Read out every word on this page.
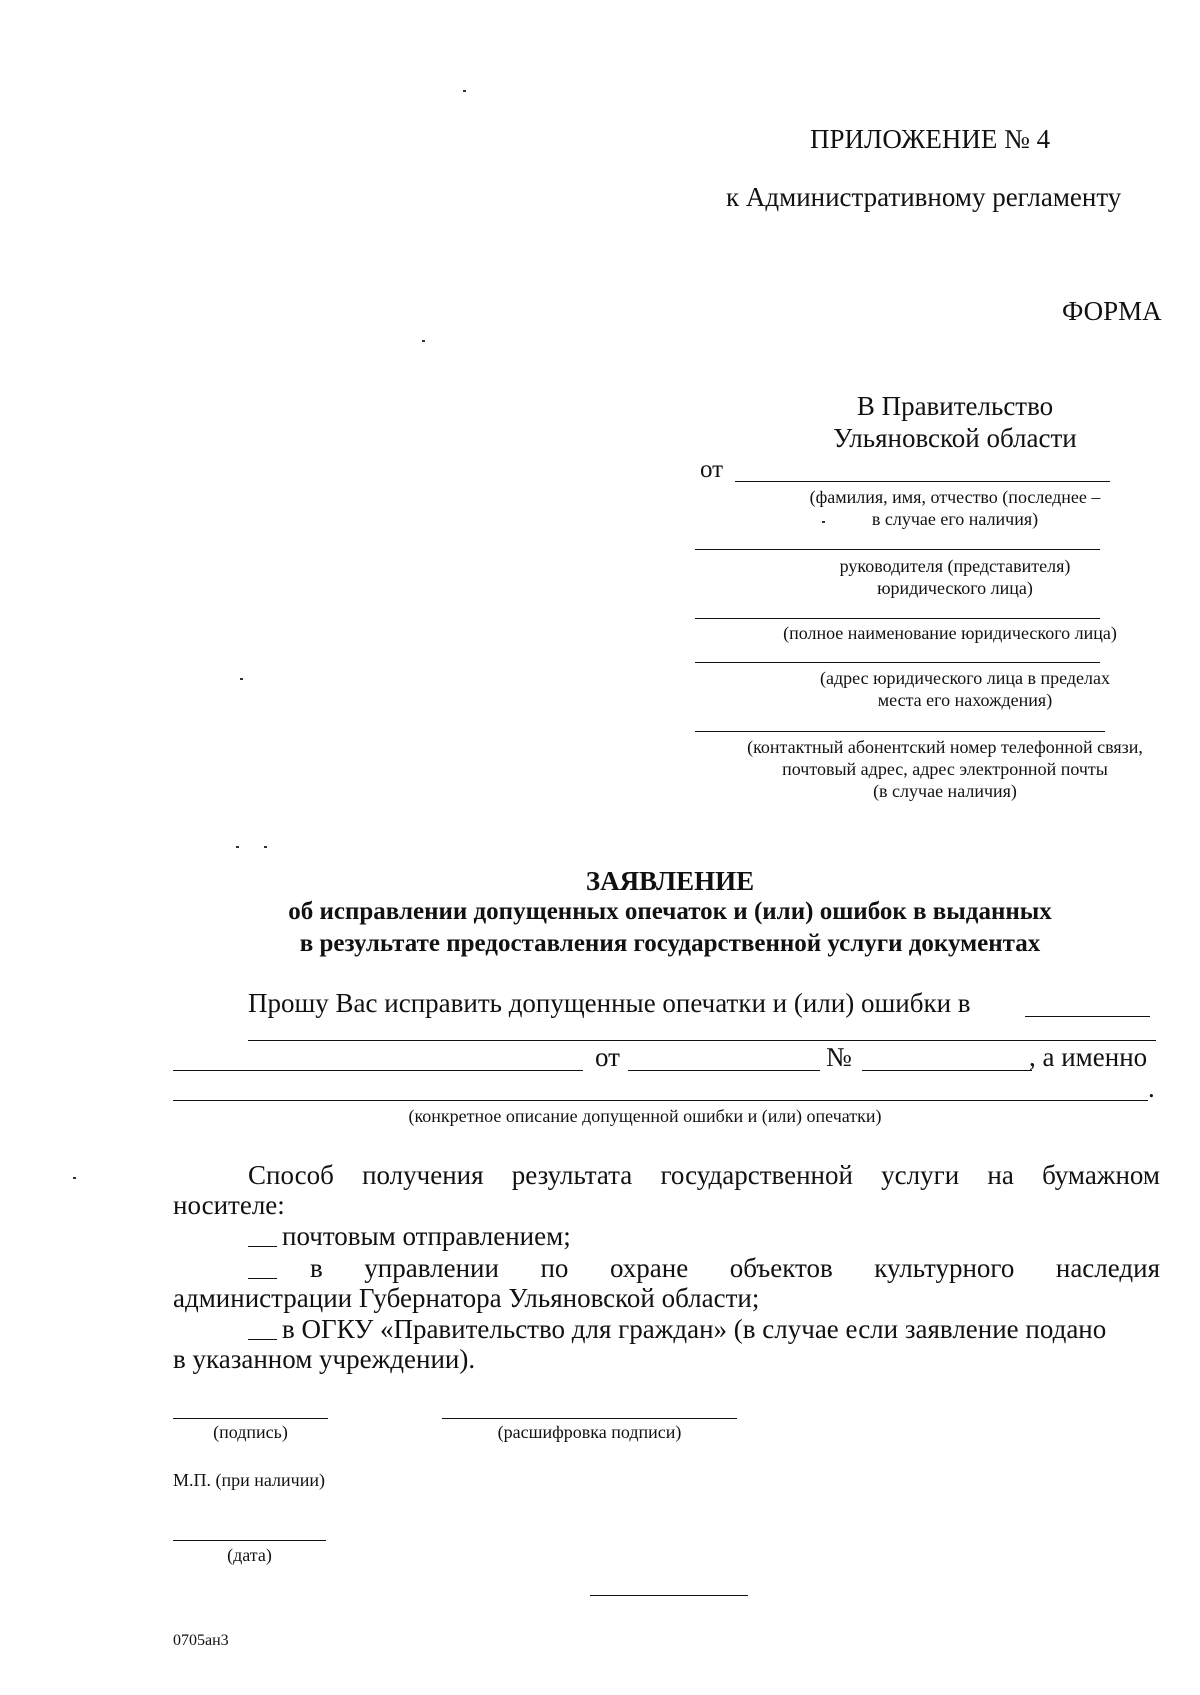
ПРИЛОЖЕНИЕ № 4
к Административному регламенту
ФОРМА
В Правительство
Ульяновской области
от
(фамилия, имя, отчество (последнее –
в случае его наличия)
руководителя (представителя)
юридического лица)
(полное наименование юридического лица)
(адрес юридического лица в пределах
места его нахождения)
(контактный абонентский номер телефонной связи,
почтовый адрес, адрес электронной почты
(в случае наличия)
ЗАЯВЛЕНИЕ
об исправлении допущенных опечаток и (или) ошибок в выданных
в результате предоставления государственной услуги документах
Прошу Вас исправить допущенные опечатки и (или) ошибки в
от	№	, а именно
.
(конкретное описание допущенной ошибки и (или) опечатки)
Способ получения результата государственной услуги на бумажном
носителе:
почтовым отправлением;
в управлении по охране объектов культурного наследия
администрации Губернатора Ульяновской области;
в ОГКУ «Правительство для граждан» (в случае если заявление подано
в указанном учреждении).
(подпись)	(расшифровка подписи)
М.П. (при наличии)
(дата)
0705ан3
